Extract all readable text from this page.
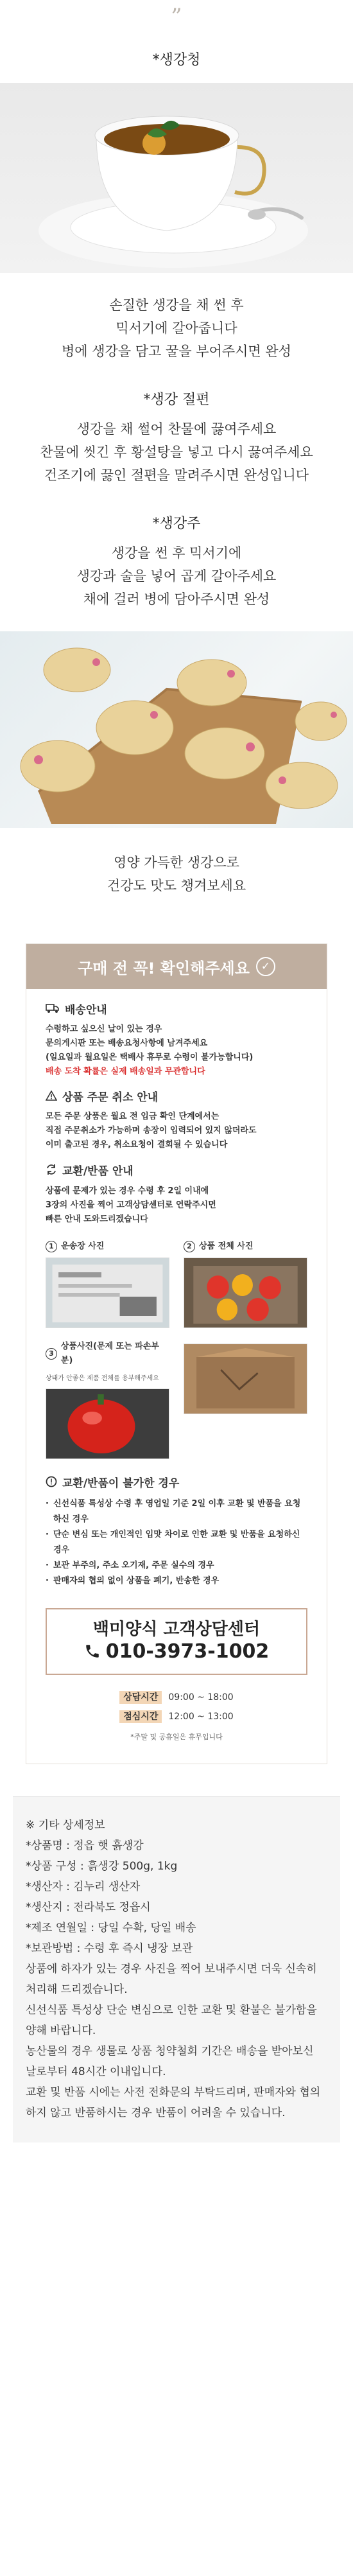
”
*생강청
손질한 생강을 채 썬 후
믹서기에 갈아줍니다
병에 생강을 담고 꿀을 부어주시면 완성
*생강 절편
생강을 채 썰어 찬물에 끓여주세요
찬물에 씻긴 후 황설탕을 넣고 다시 끓여주세요
건조기에 끓인 절편을 말려주시면 완성입니다
*생강주
생강을 썬 후 믹서기에
생강과 술을 넣어 곱게 갈아주세요
채에 걸러 병에 담아주시면 완성
영양 가득한 생강으로
건강도 맛도 챙겨보세요
구매 전 꼭! 확인해주세요	✓
배송안내
수령하고 싶으신 날이 있는 경우
문의게시판 또는 배송요청사항에 남겨주세요
(일요일과 월요일은 택배사 휴무로 수령이 불가능합니다)
배송 도착 확률은 실제 배송일과 무관합니다
상품 주문 취소 안내
모든 주문 상품은 월요 전 입금 확인 단계에서는
직접 주문취소가 가능하며 송장이 입력되어 있지 않더라도
이미 출고된 경우, 취소요청이 결회될 수 있습니다
교환/반품 안내
상품에 문제가 있는 경우 수령 후 2일 이내에
3장의 사진을 찍어 고객상담센터로 연락주시면
빠른 안내 도와드리겠습니다
1 운송장 사진	2 상품 전체 사진
3
상품사진(문제 또는 파손부분)
상태가 안좋은 제품 전체를 용부해주세요
교환/반품이 불가한 경우
· 신선식품 특성상 수령 후 영업일 기준 2일 이후 교환 및 반품을 요청하신 경우
· 단순 변심 또는 개인적인 입맛 차이로 인한 교환 및 반품을 요청하신 경우
· 보관 부주의, 주소 오기재, 주문 실수의 경우
· 판매자의 협의 없이 상품을 폐기, 반송한 경우
백미양식 고객상담센터
010-3973-1002
상담시간 09:00 ~ 18:00
점심시간 12:00 ~ 13:00
*주말 및 공휴일은 휴무입니다

※ 기타 상세정보

*상품명 : 정읍 햇 흙생강

*상품 구성 : 흙생강 500g, 1kg

*생산자 : 김누리 생산자

*생산지 : 전라북도 정읍시

*제조 연월일 : 당일 수확, 당일 배송

*보관방법 : 수령 후 즉시 냉장 보관

상품에 하자가 있는 경우 사진을 찍어 보내주시면 더욱 신속히 처리해 드리겠습니다.

신선식품 특성상 단순 변심으로 인한 교환 및 환불은 불가함을 양해 바랍니다.

농산물의 경우 생물로 상품 청약철회 기간은 배송을 받아보신 날로부터 48시간 이내입니다.

교환 및 반품 시에는 사전 전화문의 부탁드리며, 판매자와 협의하지 않고 반품하시는 경우 반품이 어려울 수 있습니다.
